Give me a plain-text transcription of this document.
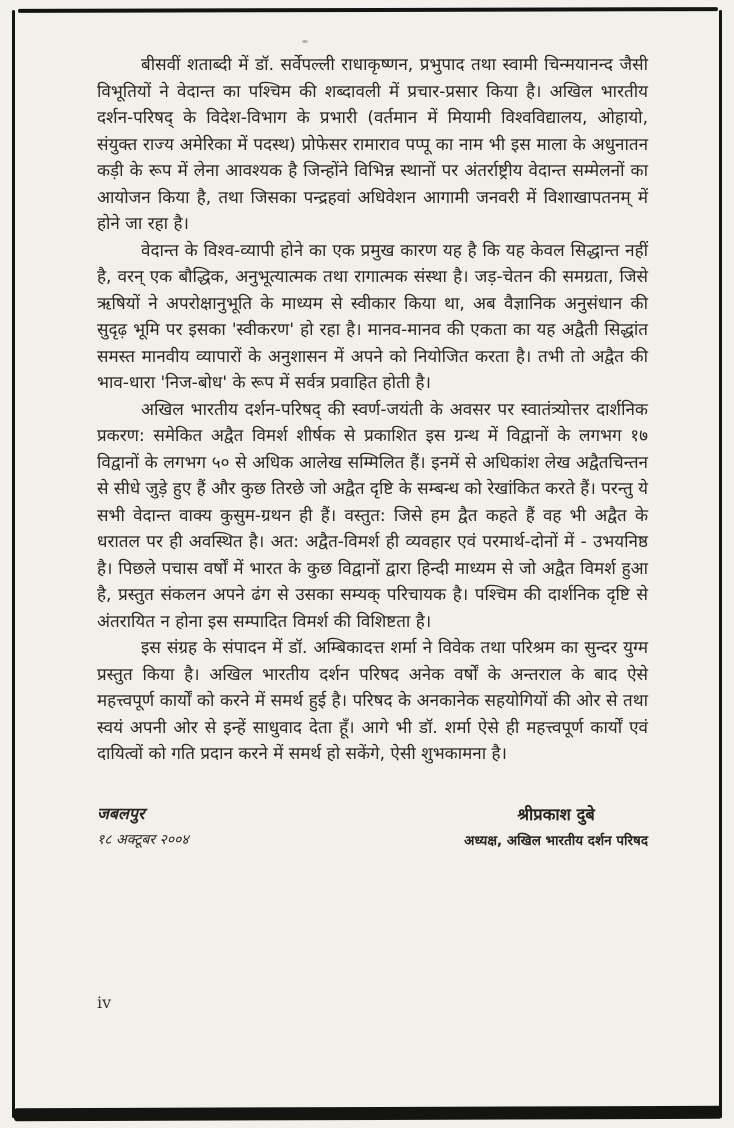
बीसवीं शताब्दी में डॉ. सर्वेपल्ली राधाकृष्णन, प्रभुपाद तथा स्वामी चिन्मयानन्द जैसी विभूतियों ने वेदान्त का पश्चिम की शब्दावली में प्रचार-प्रसार किया है। अखिल भारतीय दर्शन-परिषद् के विदेश-विभाग के प्रभारी (वर्तमान में मियामी विश्वविद्यालय, ओहायो, संयुक्त राज्य अमेरिका में पदस्थ) प्रोफेसर रामाराव पप्पू का नाम भी इस माला के अधुनातन कड़ी के रूप में लेना आवश्यक है जिन्होंने विभिन्न स्थानों पर अंतर्राष्ट्रीय वेदान्त सम्मेलनों का आयोजन किया है, तथा जिसका पन्द्रहवां अधिवेशन आगामी जनवरी में विशाखापतनम् में होने जा रहा है।

वेदान्त के विश्व-व्यापी होने का एक प्रमुख कारण यह है कि यह केवल सिद्धान्त नहीं है, वरन् एक बौद्धिक, अनुभूत्यात्मक तथा रागात्मक संस्था है। जड़-चेतन की समग्रता, जिसे ऋषियों ने अपरोक्षानुभूति के माध्यम से स्वीकार किया था, अब वैज्ञानिक अनुसंधान की सुदृढ़ भूमि पर इसका 'स्वीकरण' हो रहा है। मानव-मानव की एकता का यह अद्वैती सिद्धांत समस्त मानवीय व्यापारों के अनुशासन में अपने को नियोजित करता है। तभी तो अद्वैत की भाव-धारा 'निज-बोध' के रूप में सर्वत्र प्रवाहित होती है।

अखिल भारतीय दर्शन-परिषद् की स्वर्ण-जयंती के अवसर पर स्वातंत्र्योत्तर दार्शनिक प्रकरण: समेकित अद्वैत विमर्श शीर्षक से प्रकाशित इस ग्रन्थ में विद्वानों के लगभग १७ विद्वानों के लगभग ५० से अधिक आलेख सम्मिलित हैं। इनमें से अधिकांश लेख अद्वैतचिन्तन से सीधे जुड़े हुए हैं और कुछ तिरछे जो अद्वैत दृष्टि के सम्बन्ध को रेखांकित करते हैं। परन्तु ये सभी वेदान्त वाक्य कुसुम-ग्रथन ही हैं। वस्तुत: जिसे हम द्वैत कहते हैं वह भी अद्वैत के धरातल पर ही अवस्थित है। अत: अद्वैत-विमर्श ही व्यवहार एवं परमार्थ-दोनों में - उभयनिष्ठ है। पिछले पचास वर्षों में भारत के कुछ विद्वानों द्वारा हिन्दी माध्यम से जो अद्वैत विमर्श हुआ है, प्रस्तुत संकलन अपने ढंग से उसका सम्यक् परिचायक है। पश्चिम की दार्शनिक दृष्टि से अंतरायित न होना इस सम्पादित विमर्श की विशिष्टता है।

इस संग्रह के संपादन में डॉ. अम्बिकादत्त शर्मा ने विवेक तथा परिश्रम का सुन्दर युग्म प्रस्तुत किया है। अखिल भारतीय दर्शन परिषद अनेक वर्षों के अन्तराल के बाद ऐसे महत्त्वपूर्ण कार्यों को करने में समर्थ हुई है। परिषद के अनकानेक सहयोगियों की ओर से तथा स्वयं अपनी ओर से इन्हें साधुवाद देता हूँ। आगे भी डॉ. शर्मा ऐसे ही महत्त्वपूर्ण कार्यों एवं दायित्वों को गति प्रदान करने में समर्थ हो सकेंगे, ऐसी शुभकामना है।

जबलपुर
१८ अक्टूबर २००४
श्रीप्रकाश दुबे
अध्यक्ष, अखिल भारतीय दर्शन परिषद
iv
